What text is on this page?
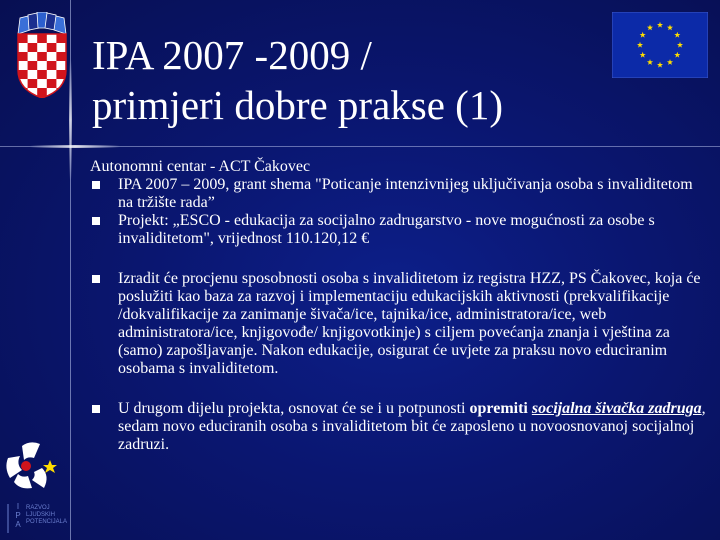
IPA 2007 -2009 /
primjeri dobre prakse (1)
Autonomni centar - ACT Čakovec
IPA 2007 – 2009, grant shema "Poticanje intenzivnijeg uključivanja osoba s invaliditetom na tržište rada”
Projekt: „ESCO - edukacija za socijalno zadrugarstvo - nove mogućnosti za osobe s invaliditetom", vrijednost 110.120,12 €
Izradit će procjenu sposobnosti osoba s invaliditetom iz registra HZZ, PS Čakovec, koja će poslužiti kao baza za razvoj i implementaciju edukacijskih aktivnosti (prekvalifikacije /dokvalifikacije za zanimanje šivača/ice, tajnika/ice, administratora/ice, web administratora/ice, knjigovođe/ knjigovotkinje) s ciljem povećanja znanja i vještina za (samo) zapošljavanje. Nakon edukacije, osigurat će uvjete za praksu novo educiranim osobama s invaliditetom.
U drugom dijelu projekta, osnovat će se i u potpunosti opremiti socijalna šivačka zadruga, sedam novo educiranih osoba s invaliditetom bit će zaposleno u novoosnovanoj socijalnoj zadruzi.
I
P
A
RAZVOJ
LJUDSKIH
POTENCIJALA
